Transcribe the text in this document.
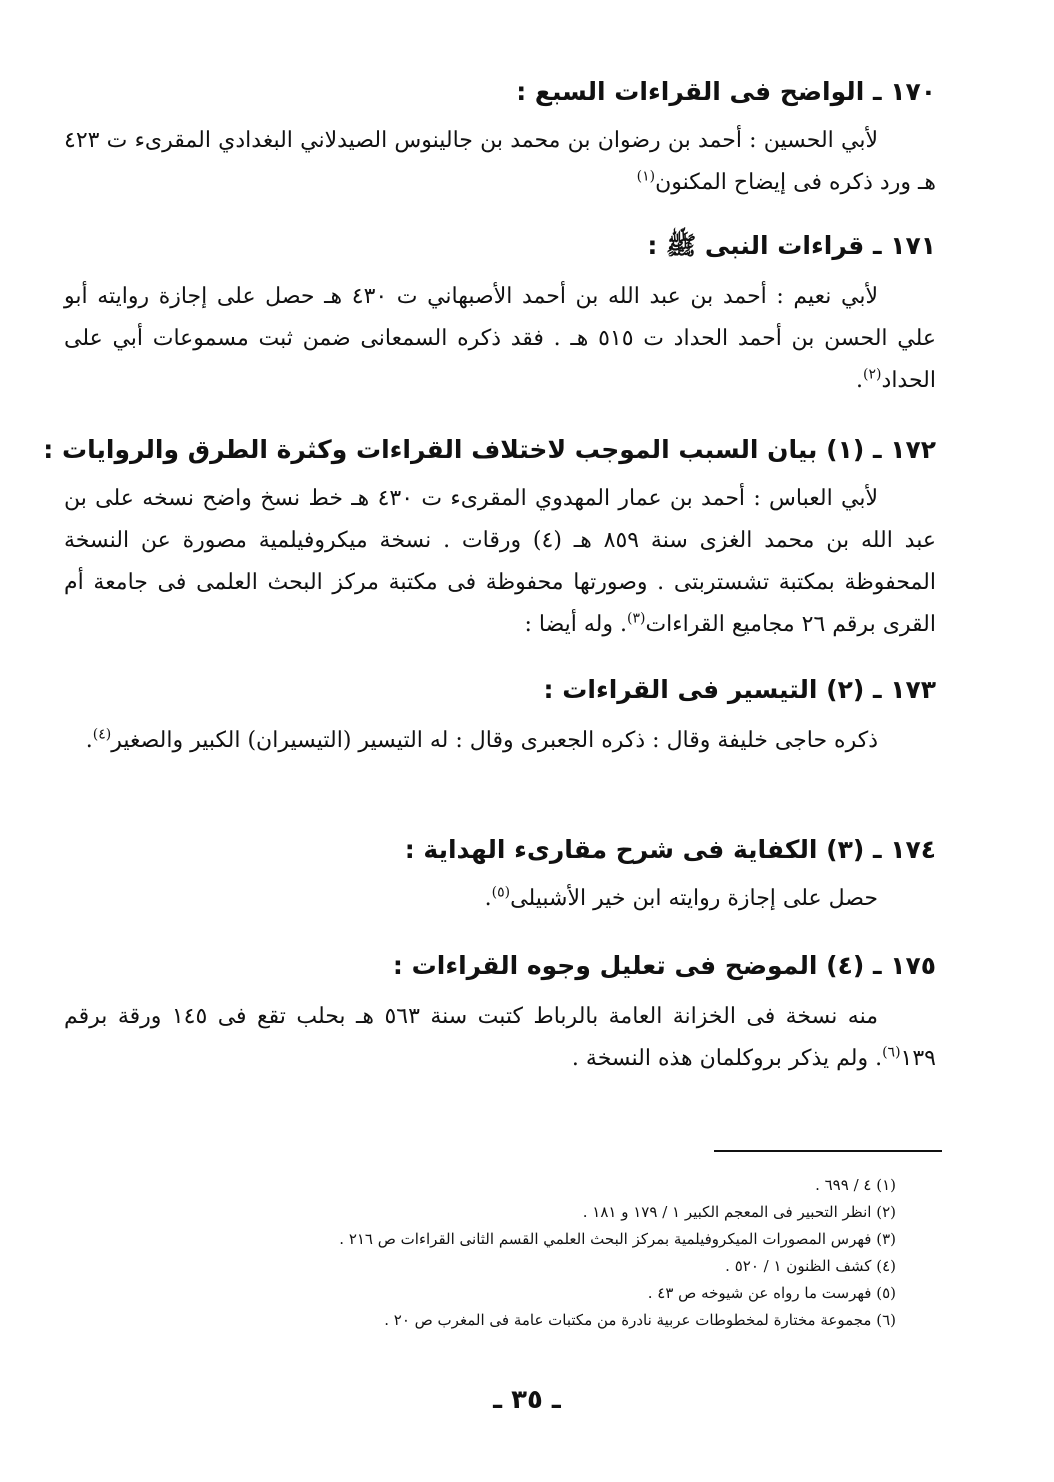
١٧٠ ـ الواضح فى القراءات السبع :

لأبي الحسين : أحمد بن رضوان بن محمد بن جالينوس الصيدلاني البغدادي المقرىء ت ٤٢٣ هـ ورد ذكره فى إيضاح المكنون$^{(١)}$

١٧١ ـ قراءات النبى ﷺ :

لأبي نعيم : أحمد بن عبد الله بن أحمد الأصبهاني ت ٤٣٠ هـ حصل على إجازة روايته أبو علي الحسن بن أحمد الحداد ت ٥١٥ هـ . فقد ذكره السمعانى ضمن ثبت مسموعات أبي على الحداد$^{(٢)}$.

١٧٢ ـ (١) بيان السبب الموجب لاختلاف القراءات وكثرة الطرق والروايات :

لأبي العباس : أحمد بن عمار المهدوي المقرىء ت ٤٣٠ هـ خط نسخ واضح نسخه على بن عبد الله بن محمد الغزى سنة ٨٥٩ هـ (٤) ورقات . نسخة ميكروفيلمية مصورة عن النسخة المحفوظة بمكتبة تشستربتى . وصورتها محفوظة فى مكتبة مركز البحث العلمى فى جامعة أم القرى برقم ٢٦ مجاميع القراءات$^{(٣)}$. وله أيضا :

١٧٣ ـ (٢) التيسير فى القراءات :

ذكره حاجى خليفة وقال : ذكره الجعبرى وقال : له التيسير (التيسيران) الكبير والصغير$^{(٤)}$.

١٧٤ ـ (٣) الكفاية فى شرح مقارىء الهداية :

حصل على إجازة روايته ابن خير الأشبيلى$^{(٥)}$.

١٧٥ ـ (٤) الموضح فى تعليل وجوه القراءات :

منه نسخة فى الخزانة العامة بالرباط كتبت سنة ٥٦٣ هـ بحلب تقع فى ١٤٥ ورقة برقم ١٣٩$^{(٦)}$. ولم يذكر بروكلمان هذه النسخة .

(١) ٤ / ٦٩٩ .
(٢) انظر التحبير فى المعجم الكبير ١ / ١٧٩ و ١٨١ .
(٣) فهرس المصورات الميكروفيلمية بمركز البحث العلمي القسم الثانى القراءات ص ٢١٦ .
(٤) كشف الظنون ١ / ٥٢٠ .
(٥) فهرست ما رواه عن شيوخه ص ٤٣ .
(٦) مجموعة مختارة لمخطوطات عربية نادرة من مكتبات عامة فى المغرب ص ٢٠ .
ـ ٣٥ ـ
